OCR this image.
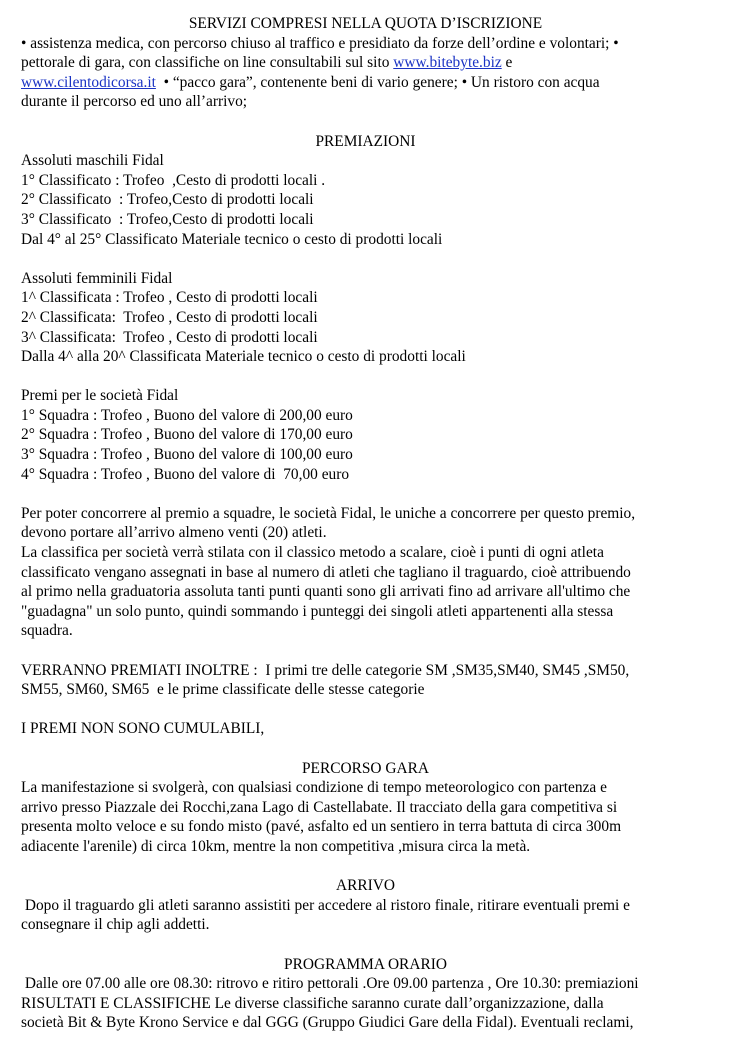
SERVIZI COMPRESI NELLA QUOTA D’ISCRIZIONE
• assistenza medica, con percorso chiuso al traffico e presidiato da forze dell’ordine e volontari; •
pettorale di gara, con classifiche on line consultabili sul sito www.bitebyte.biz e
www.cilentodicorsa.it  • “pacco gara”, contenente beni di vario genere; • Un ristoro con acqua
durante il percorso ed uno all’arrivo;
PREMIAZIONI
Assoluti maschili Fidal
1° Classificato : Trofeo  ,Cesto di prodotti locali .
2° Classificato  : Trofeo,Cesto di prodotti locali
3° Classificato  : Trofeo,Cesto di prodotti locali
Dal 4° al 25° Classificato Materiale tecnico o cesto di prodotti locali
Assoluti femminili Fidal
1^ Classificata : Trofeo , Cesto di prodotti locali
2^ Classificata:  Trofeo , Cesto di prodotti locali
3^ Classificata:  Trofeo , Cesto di prodotti locali
Dalla 4^ alla 20^ Classificata Materiale tecnico o cesto di prodotti locali
Premi per le società Fidal
1° Squadra : Trofeo , Buono del valore di 200,00 euro
2° Squadra : Trofeo , Buono del valore di 170,00 euro
3° Squadra : Trofeo , Buono del valore di 100,00 euro
4° Squadra : Trofeo , Buono del valore di  70,00 euro
Per poter concorrere al premio a squadre, le società Fidal, le uniche a concorrere per questo premio,
devono portare all’arrivo almeno venti (20) atleti.
La classifica per società verrà stilata con il classico metodo a scalare, cioè i punti di ogni atleta
classificato vengano assegnati in base al numero di atleti che tagliano il traguardo, cioè attribuendo
al primo nella graduatoria assoluta tanti punti quanti sono gli arrivati fino ad arrivare all'ultimo che
"guadagna" un solo punto, quindi sommando i punteggi dei singoli atleti appartenenti alla stessa
squadra.
VERRANNO PREMIATI INOLTRE :  I primi tre delle categorie SM ,SM35,SM40, SM45 ,SM50,
SM55, SM60, SM65  e le prime classificate delle stesse categorie
I PREMI NON SONO CUMULABILI,
PERCORSO GARA
La manifestazione si svolgerà, con qualsiasi condizione di tempo meteorologico con partenza e
arrivo presso Piazzale dei Rocchi,zana Lago di Castellabate. Il tracciato della gara competitiva si
presenta molto veloce e su fondo misto (pavé, asfalto ed un sentiero in terra battuta di circa 300m
adiacente l'arenile) di circa 10km, mentre la non competitiva ,misura circa la metà.
ARRIVO
Dopo il traguardo gli atleti saranno assistiti per accedere al ristoro finale, ritirare eventuali premi e
consegnare il chip agli addetti.
PROGRAMMA ORARIO
Dalle ore 07.00 alle ore 08.30: ritrovo e ritiro pettorali .Ore 09.00 partenza , Ore 10.30: premiazioni
RISULTATI E CLASSIFICHE Le diverse classifiche saranno curate dall’organizzazione, dalla
società Bit & Byte Krono Service e dal GGG (Gruppo Giudici Gare della Fidal). Eventuali reclami,
